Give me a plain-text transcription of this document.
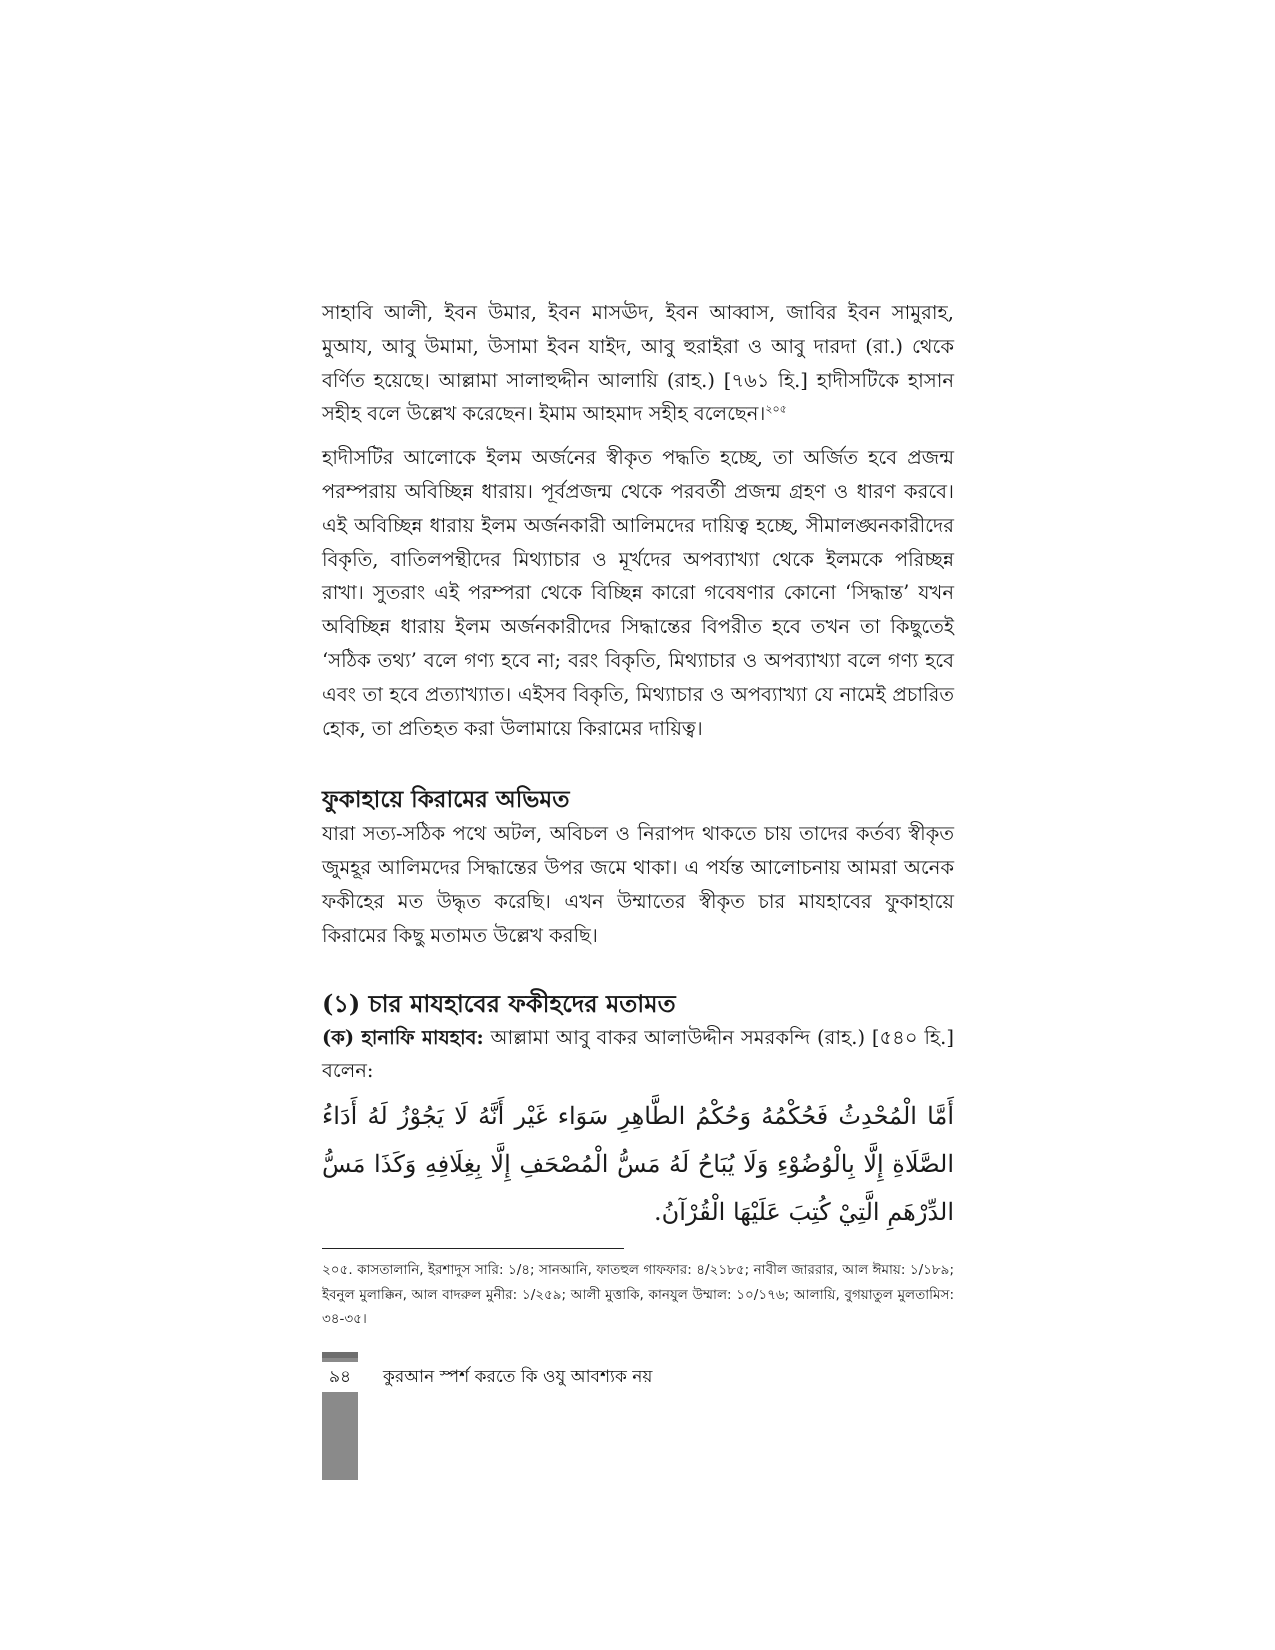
সাহাবি আলী, ইবন উমার, ইবন মাসঊদ, ইবন আব্বাস, জাবির ইবন সামুরাহ, মুআয, আবু উমামা, উসামা ইবন যাইদ, আবু হুরাইরা ও আবু দারদা (রা.) থেকে বর্ণিত হয়েছে। আল্লামা সালাহুদ্দীন আলায়ি (রাহ.) [৭৬১ হি.] হাদীসটিকে হাসান সহীহ বলে উল্লেখ করেছেন। ইমাম আহমাদ সহীহ বলেছেন।$^{২০৫}$

হাদীসটির আলোকে ইলম অর্জনের স্বীকৃত পদ্ধতি হচ্ছে, তা অর্জিত হবে প্রজন্ম পরম্পরায় অবিচ্ছিন্ন ধারায়। পূর্বপ্রজন্ম থেকে পরবর্তী প্রজন্ম গ্রহণ ও ধারণ করবে। এই অবিচ্ছিন্ন ধারায় ইলম অর্জনকারী আলিমদের দায়িত্ব হচ্ছে, সীমালঙ্ঘনকারীদের বিকৃতি, বাতিলপন্থীদের মিথ্যাচার ও মূর্খদের অপব্যাখ্যা থেকে ইলমকে পরিচ্ছন্ন রাখা। সুতরাং এই পরম্পরা থেকে বিচ্ছিন্ন কারো গবেষণার কোনো ‘সিদ্ধান্ত’ যখন অবিচ্ছিন্ন ধারায় ইলম অর্জনকারীদের সিদ্ধান্তের বিপরীত হবে তখন তা কিছুতেই ‘সঠিক তথ্য’ বলে গণ্য হবে না; বরং বিকৃতি, মিথ্যাচার ও অপব্যাখ্যা বলে গণ্য হবে এবং তা হবে প্রত্যাখ্যাত। এইসব বিকৃতি, মিথ্যাচার ও অপব্যাখ্যা যে নামেই প্রচারিত হোক, তা প্রতিহত করা উলামায়ে কিরামের দায়িত্ব।

ফুকাহায়ে কিরামের অভিমত

যারা সত্য-সঠিক পথে অটল, অবিচল ও নিরাপদ থাকতে চায় তাদের কর্তব্য স্বীকৃত জুমহূর আলিমদের সিদ্ধান্তের উপর জমে থাকা। এ পর্যন্ত আলোচনায় আমরা অনেক ফকীহের মত উদ্ধৃত করেছি। এখন উম্মাতের স্বীকৃত চার মাযহাবের ফুকাহায়ে কিরামের কিছু মতামত উল্লেখ করছি।

(১) চার মাযহাবের ফকীহদের মতামত

(ক) হানাফি মাযহাব: আল্লামা আবু বাকর আলাউদ্দীন সমরকন্দি (রাহ.) [৫৪০ হি.] বলেন:

أَمَّا الْمُحْدِثُ فَحُكْمُهُ وَحُكْمُ الطَّاهِرِ سَوَاء غَيْر أَنَّهُ لَا يَجُوْزُ لَهُ أَدَاءُ الصَّلَاةِ إِلَّا بِالْوُضُوْءِ وَلَا يُبَاحُ لَهُ مَسُّ الْمُصْحَفِ إِلَّا بِغِلَافِهِ وَكَذَا مَسُّ الدِّرْهَمِ الَّتِيْ كُتِبَ عَلَيْهَا الْقُرْآنُ.

২০৫. কাসতালানি, ইরশাদুস সারি: ১/৪; সানআনি, ফাতহুল গাফফার: ৪/২১৮৫; নাবীল জাররার, আল ঈমায়: ১/১৮৯; ইবনুল মুলাক্কিন, আল বাদরুল মুনীর: ১/২৫৯; আলী মুত্তাকি, কানযুল উম্মাল: ১০/১৭৬; আলায়ি, বুগয়াতুল মুলতামিস: ৩৪-৩৫।

৯৪	কুরআন স্পর্শ করতে কি ওযু আবশ্যক নয়
